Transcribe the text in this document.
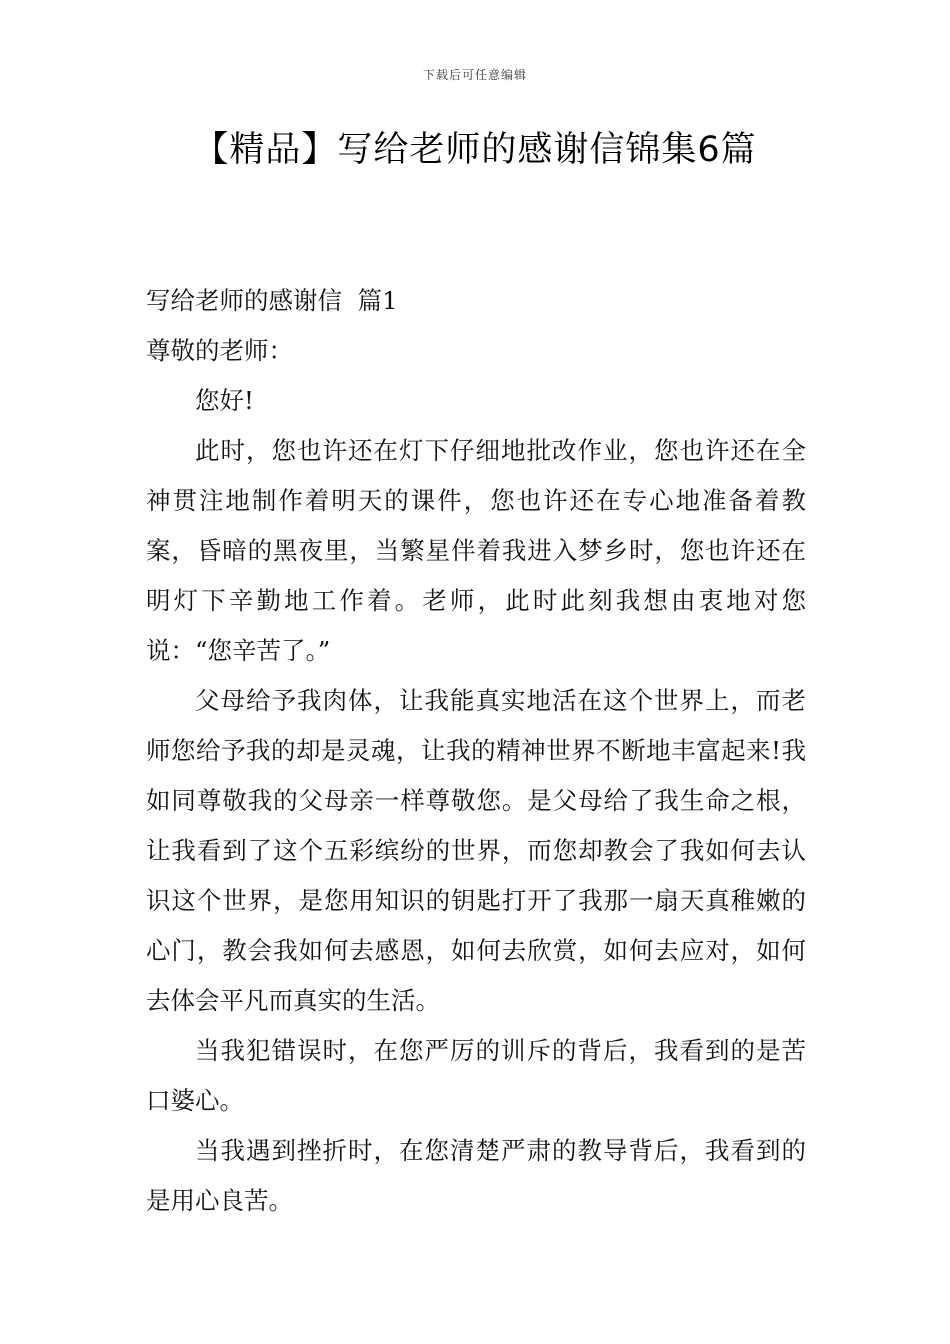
下载后可任意编辑
【精品】写给老师的感谢信锦集6篇

写给老师的感谢信  篇1

尊敬的老师：

您好!

此时，您也许还在灯下仔细地批改作业，您也许还在全神贯注地制作着明天的课件，您也许还在专心地准备着教案，昏暗的黑夜里，当繁星伴着我进入梦乡时，您也许还在明灯下辛勤地工作着。老师，此时此刻我想由衷地对您说：“您辛苦了。”

父母给予我肉体，让我能真实地活在这个世界上，而老师您给予我的却是灵魂，让我的精神世界不断地丰富起来!我如同尊敬我的父母亲一样尊敬您。是父母给了我生命之根，让我看到了这个五彩缤纷的世界，而您却教会了我如何去认识这个世界，是您用知识的钥匙打开了我那一扇天真稚嫩的心门，教会我如何去感恩，如何去欣赏，如何去应对，如何去体会平凡而真实的生活。

当我犯错误时，在您严厉的训斥的背后，我看到的是苦口婆心。

当我遇到挫折时，在您清楚严肃的教导背后，我看到的是用心良苦。
